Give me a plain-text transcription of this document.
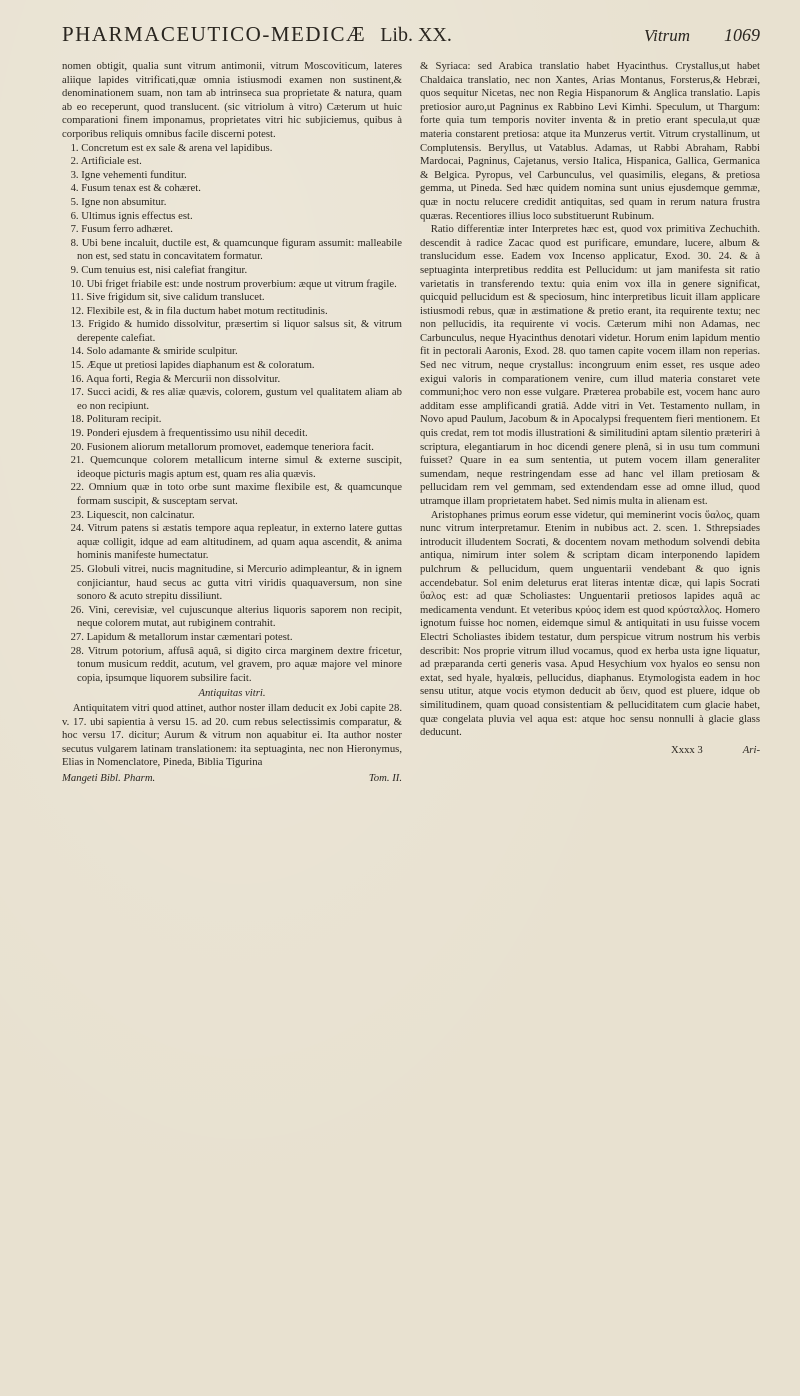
PHARMACEUTICO-MEDICÆ Lib. XX.	Vitrum 1069

nomen obtigit, qualia sunt vitrum antimonii, vitrum Moscoviticum, lateres aliique lapides vitrificati,quæ omnia istiusmodi examen non sustinent,& denominationem suam, non tam ab intrinseca sua proprietate & natura, quam ab eo receperunt, quod translucent. (sic vitriolum à vitro) Cæterum ut huic comparationi finem imponamus, proprietates vitri hic subjiciemus, quibus à corporibus reliquis omnibus facile discerni potest.

1. Concretum est ex sale & arena vel lapidibus.

2. Artificiale est.

3. Igne vehementi funditur.

4. Fusum tenax est & cohæret.

5. Igne non absumitur.

6. Ultimus ignis effectus est.

7. Fusum ferro adhæret.

8. Ubi bene incaluit, ductile est, & quamcunque figuram assumit: malleabile non est, sed statu in concavitatem formatur.

9. Cum tenuius est, nisi calefiat frangitur.

10. Ubi friget friabile est: unde nostrum proverbium: æque ut vitrum fragile.

11. Sive frigidum sit, sive calidum translucet.

12. Flexibile est, & in fila ductum habet motum rectitudinis.

13. Frigido & humido dissolvitur, præsertim si liquor salsus sit, & vitrum derepente calefiat.

14. Solo adamante & smiride sculpitur.

15. Æque ut pretiosi lapides diaphanum est & coloratum.

16. Aqua forti, Regia & Mercurii non dissolvitur.

17. Succi acidi, & res aliæ quævis, colorem, gustum vel qualitatem aliam ab eo non recipiunt.

18. Polituram recipit.

19. Ponderi ejusdem à frequentissimo usu nihil decedit.

20. Fusionem aliorum metallorum promovet, eademque teneriora facit.

21. Quemcunque colorem metallicum interne simul & externe suscipit, ideoque picturis magis aptum est, quam res alia quævis.

22. Omnium quæ in toto orbe sunt maxime flexibile est, & quamcunque formam suscipit, & susceptam servat.

23. Liquescit, non calcinatur.

24. Vitrum patens si æstatis tempore aqua repleatur, in externo latere guttas aquæ colligit, idque ad eam altitudinem, ad quam aqua ascendit, & anima hominis manifeste humectatur.

25. Globuli vitrei, nucis magnitudine, si Mercurio adimpleantur, & in ignem conjiciantur, haud secus ac gutta vitri viridis quaquaversum, non sine sonoro & acuto strepitu dissiliunt.

26. Vini, cerevisiæ, vel cujuscunque alterius liquoris saporem non recipit, neque colorem mutat, aut rubiginem contrahit.

27. Lapidum & metallorum instar cæmentari potest.

28. Vitrum potorium, affusâ aquâ, si digito circa marginem dextre fricetur, tonum musicum reddit, acutum, vel gravem, pro aquæ majore vel minore copia, ipsumque liquorem subsilire facit.

Antiquitas vitri.

Antiquitatem vitri quod attinet, author noster illam deducit ex Jobi capite 28. v. 17. ubi sapientia à versu 15. ad 20. cum rebus selectissimis comparatur, & hoc versu 17. dicitur; Aurum & vitrum non aquabitur ei. Ita author noster secutus vulgarem latinam translationem: ita septuaginta, nec non Hieronymus, Elias in Nomenclatore, Pineda, Biblia Tigurina

Mangeti Bibl. Pharm.	Tom. II.

& Syriaca: sed Arabica translatio habet Hyacinthus. Crystallus,ut habet Chaldaica translatio, nec non Xantes, Arias Montanus, Forsterus,& Hebræi, quos sequitur Nicetas, nec non Regia Hispanorum & Anglica translatio. Lapis pretiosior auro,ut Pagninus ex Rabbino Levi Kimhi. Speculum, ut Thargum: forte quia tum temporis noviter inventa & in pretio erant specula,ut quæ materia constarent pretiosa: atque ita Munzerus vertit. Vitrum crystallinum, ut Complutensis. Beryllus, ut Vatablus. Adamas, ut Rabbi Abraham, Rabbi Mardocai, Pagninus, Cajetanus, versio Italica, Hispanica, Gallica, Germanica & Belgica. Pyropus, vel Carbunculus, vel quasimilis, elegans, & pretiosa gemma, ut Pineda. Sed hæc quidem nomina sunt unius ejusdemque gemmæ, quæ in noctu relucere credidit antiquitas, sed quam in rerum natura frustra quæras. Recentiores illius loco substituerunt Rubinum.

Ratio differentiæ inter Interpretes hæc est, quod vox primitiva Zechuchith. descendit à radice Zacac quod est purificare, emundare, lucere, album & translucidum esse. Eadem vox Incenso applicatur, Exod. 30. 24. & à septuaginta interpretibus reddita est Pellucidum: ut jam manifesta sit ratio varietatis in transferendo textu: quia enim vox illa in genere significat, quicquid pellucidum est & speciosum, hinc interpretibus licuit illam applicare istiusmodi rebus, quæ in æstimatione & pretio erant, ita requirente textu; nec non pellucidis, ita requirente vi vocis. Cæterum mihi non Adamas, nec Carbunculus, neque Hyacinthus denotari videtur. Horum enim lapidum mentio fit in pectorali Aaronis, Exod. 28. quo tamen capite vocem illam non reperias. Sed nec vitrum, neque crystallus: incongruum enim esset, res usque adeo exigui valoris in comparationem venire, cum illud materia constaret vete communi;hoc vero non esse vulgare. Præterea probabile est, vocem hanc auro additam esse amplificandi gratiâ. Adde vitri in Vet. Testamento nullam, in Novo apud Paulum, Jacobum & in Apocalypsi frequentem fieri mentionem. Et quis credat, rem tot modis illustrationi & similitudini aptam silentio præteriri à scriptura, elegantiarum in hoc dicendi genere plenâ, si in usu tum communi fuisset? Quare in ea sum sententia, ut putem vocem illam generaliter sumendam, neque restringendam esse ad hanc vel illam pretiosam & pellucidam rem vel gemmam, sed extendendam esse ad omne illud, quod utramque illam proprietatem habet. Sed nimis multa in alienam est.

Aristophanes primus eorum esse videtur, qui meminerint vocis ὕαλος, quam nunc vitrum interpretamur. Etenim in nubibus act. 2. scen. 1. Sthrepsiades introducit illudentem Socrati, & docentem novam methodum solvendi debita antiqua, nimirum inter solem & scriptam dicam interponendo lapidem pulchrum & pellucidum, quem unguentarii vendebant & quo ignis accendebatur. Sol enim deleturus erat literas intentæ dicæ, qui lapis Socrati ὕαλος est: ad quæ Scholiastes: Unguentarii pretiosos lapides aquâ ac medicamenta vendunt. Et veteribus κρύος idem est quod κρύσταλλος. Homero ignotum fuisse hoc nomen, eidemque simul & antiquitati in usu fuisse vocem Electri Scholiastes ibidem testatur, dum perspicue vitrum nostrum his verbis describit: Nos proprie vitrum illud vocamus, quod ex herba usta igne liquatur, ad præparanda certi generis vasa. Apud Hesychium vox hyalos eo sensu non extat, sed hyale, hyalœis, pellucidus, diaphanus. Etymologista eadem in hoc sensu utitur, atque vocis etymon deducit ab ὕειν, quod est pluere, idque ob similitudinem, quam quoad consistentiam & pelluciditatem cum glacie habet, quæ congelata pluvia vel aqua est: atque hoc sensu nonnulli à glacie glass deducunt.

Xxxx 3	Ari-
